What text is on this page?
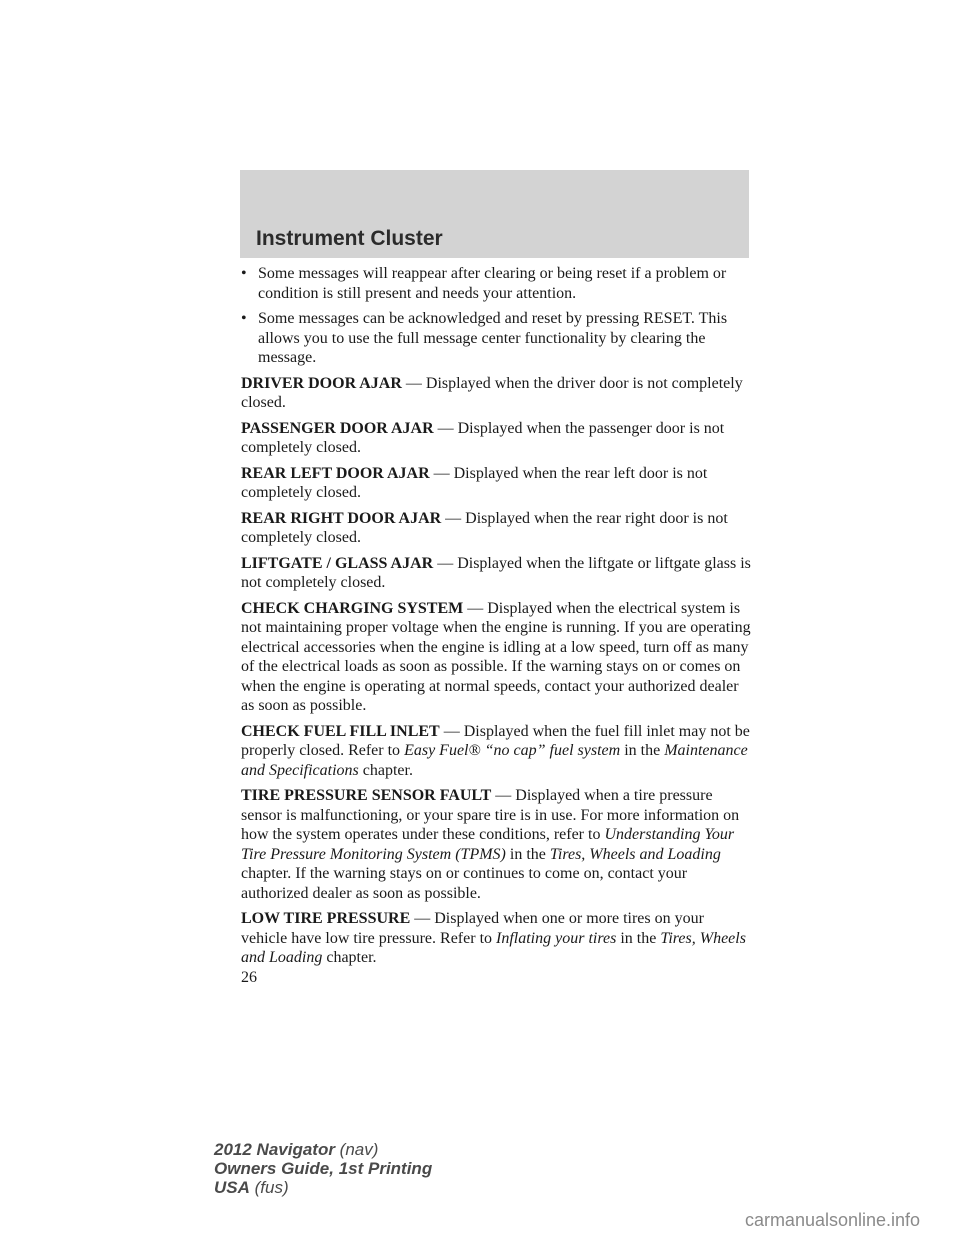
Instrument Cluster

• Some messages will reappear after clearing or being reset if a problem or condition is still present and needs your attention.

• Some messages can be acknowledged and reset by pressing RESET. This allows you to use the full message center functionality by clearing the message.

DRIVER DOOR AJAR — Displayed when the driver door is not completely closed.

PASSENGER DOOR AJAR — Displayed when the passenger door is not completely closed.

REAR LEFT DOOR AJAR — Displayed when the rear left door is not completely closed.

REAR RIGHT DOOR AJAR — Displayed when the rear right door is not completely closed.

LIFTGATE / GLASS AJAR — Displayed when the liftgate or liftgate glass is not completely closed.

CHECK CHARGING SYSTEM — Displayed when the electrical system is not maintaining proper voltage when the engine is running. If you are operating electrical accessories when the engine is idling at a low speed, turn off as many of the electrical loads as soon as possible. If the warning stays on or comes on when the engine is operating at normal speeds, contact your authorized dealer as soon as possible.

CHECK FUEL FILL INLET — Displayed when the fuel fill inlet may not be properly closed. Refer to Easy Fuel® “no cap” fuel system in the Maintenance and Specifications chapter.

TIRE PRESSURE SENSOR FAULT — Displayed when a tire pressure sensor is malfunctioning, or your spare tire is in use. For more information on how the system operates under these conditions, refer to Understanding Your Tire Pressure Monitoring System (TPMS) in the Tires, Wheels and Loading chapter. If the warning stays on or continues to come on, contact your authorized dealer as soon as possible.

LOW TIRE PRESSURE — Displayed when one or more tires on your vehicle have low tire pressure. Refer to Inflating your tires in the Tires, Wheels and Loading chapter.

26
2012 Navigator (nav)
Owners Guide, 1st Printing
USA (fus)
carmanualsonline.info
